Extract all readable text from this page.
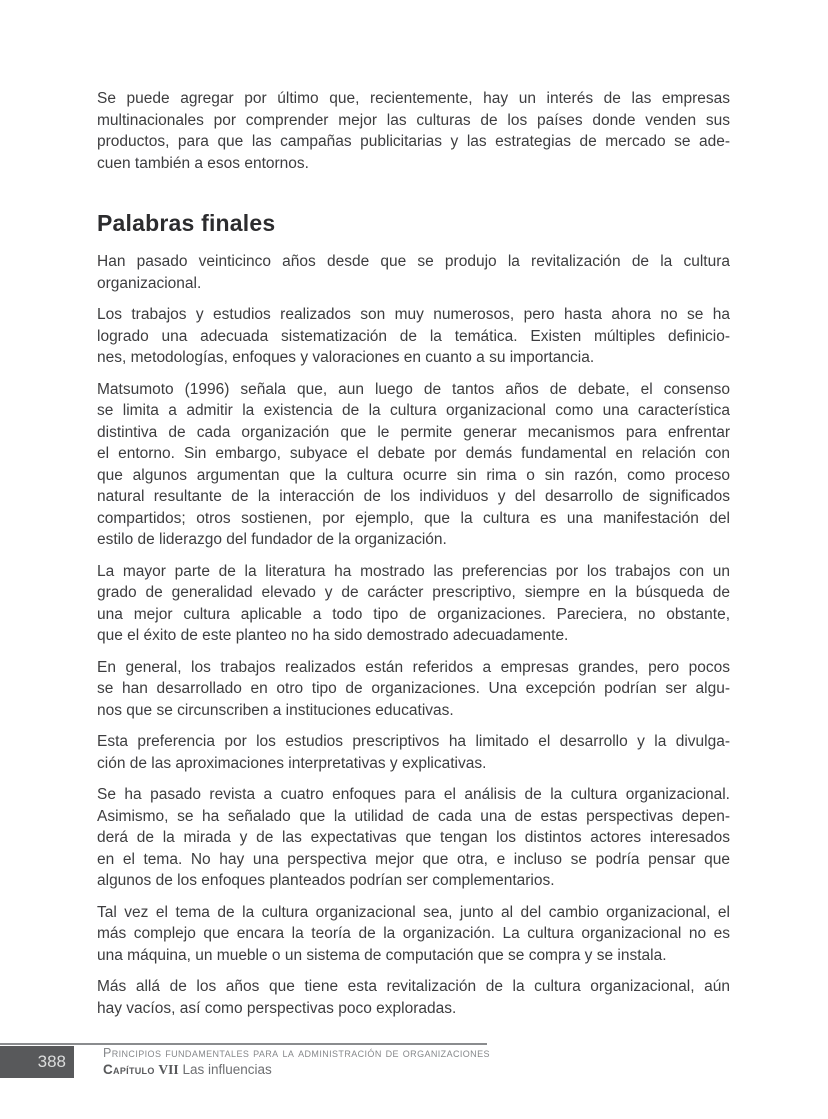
Se puede agregar por último que, recientemente, hay un interés de las empresas
multinacionales por comprender mejor las culturas de los países donde venden sus
productos, para que las campañas publicitarias y las estrategias de mercado se ade-
cuen también a esos entornos.
Palabras finales
Han pasado veinticinco años desde que se produjo la revitalización de la cultura
organizacional.
Los trabajos y estudios realizados son muy numerosos, pero hasta ahora no se ha
logrado una adecuada sistematización de la temática. Existen múltiples definicio-
nes, metodologías, enfoques y valoraciones en cuanto a su importancia.
Matsumoto (1996) señala que, aun luego de tantos años de debate, el consenso
se limita a admitir la existencia de la cultura organizacional como una característica
distintiva de cada organización que le permite generar mecanismos para enfrentar
el entorno. Sin embargo, subyace el debate por demás fundamental en relación con
que algunos argumentan que la cultura ocurre sin rima o sin razón, como proceso
natural resultante de la interacción de los individuos y del desarrollo de significados
compartidos; otros sostienen, por ejemplo, que la cultura es una manifestación del
estilo de liderazgo del fundador de la organización.
La mayor parte de la literatura ha mostrado las preferencias por los trabajos con un
grado de generalidad elevado y de carácter prescriptivo, siempre en la búsqueda de
una mejor cultura aplicable a todo tipo de organizaciones. Pareciera, no obstante,
que el éxito de este planteo no ha sido demostrado adecuadamente.
En general, los trabajos realizados están referidos a empresas grandes, pero pocos
se han desarrollado en otro tipo de organizaciones. Una excepción podrían ser algu-
nos que se circunscriben a instituciones educativas.
Esta preferencia por los estudios prescriptivos ha limitado el desarrollo y la divulga-
ción de las aproximaciones interpretativas y explicativas.
Se ha pasado revista a cuatro enfoques para el análisis de la cultura organizacional.
Asimismo, se ha señalado que la utilidad de cada una de estas perspectivas depen-
derá de la mirada y de las expectativas que tengan los distintos actores interesados
en el tema. No hay una perspectiva mejor que otra, e incluso se podría pensar que
algunos de los enfoques planteados podrían ser complementarios.
Tal vez el tema de la cultura organizacional sea, junto al del cambio organizacional, el
más complejo que encara la teoría de la organización. La cultura organizacional no es
una máquina, un mueble o un sistema de computación que se compra y se instala.
Más allá de los años que tiene esta revitalización de la cultura organizacional, aún
hay vacíos, así como perspectivas poco exploradas.
388	Principios fundamentales para la administración de organizaciones
Capítulo VII Las influencias
